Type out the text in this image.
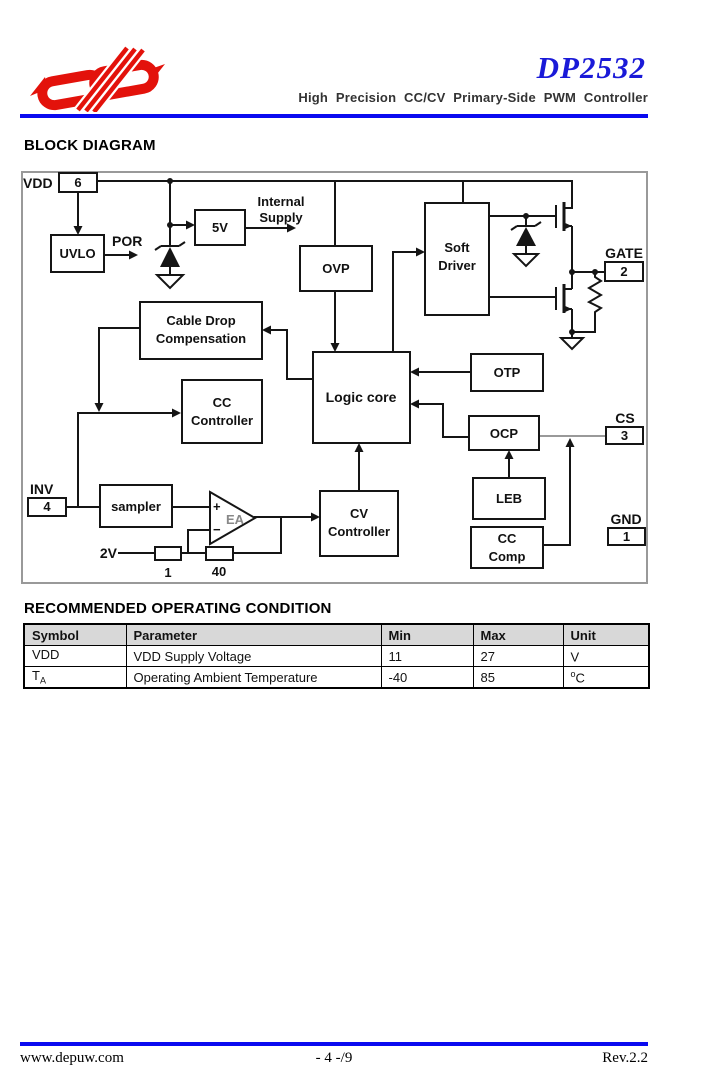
DP2532
High Precision CC/CV Primary-Side PWM Controller
BLOCK DIAGRAM
UVLO
5V
OVP
Cable Drop
Compensation
CC
Controller
Logic core
Soft
Driver
OTP
OCP
LEB
CC
Comp
CV
Controller
sampler	+
−
EA
VDD 6
GATE
2
CS
3
GND
1
INV
4
POR
Internal
Supply
2V
1	40
RECOMMENDED OPERATING CONDITION
Symbol	Parameter	Min	Max	Unit
VDD	VDD Supply Voltage	11	27	V
$T_A$	Operating Ambient Temperature	-40	85	$^o$C
- 4 -/9
www.depuw.com	Rev.2.2
